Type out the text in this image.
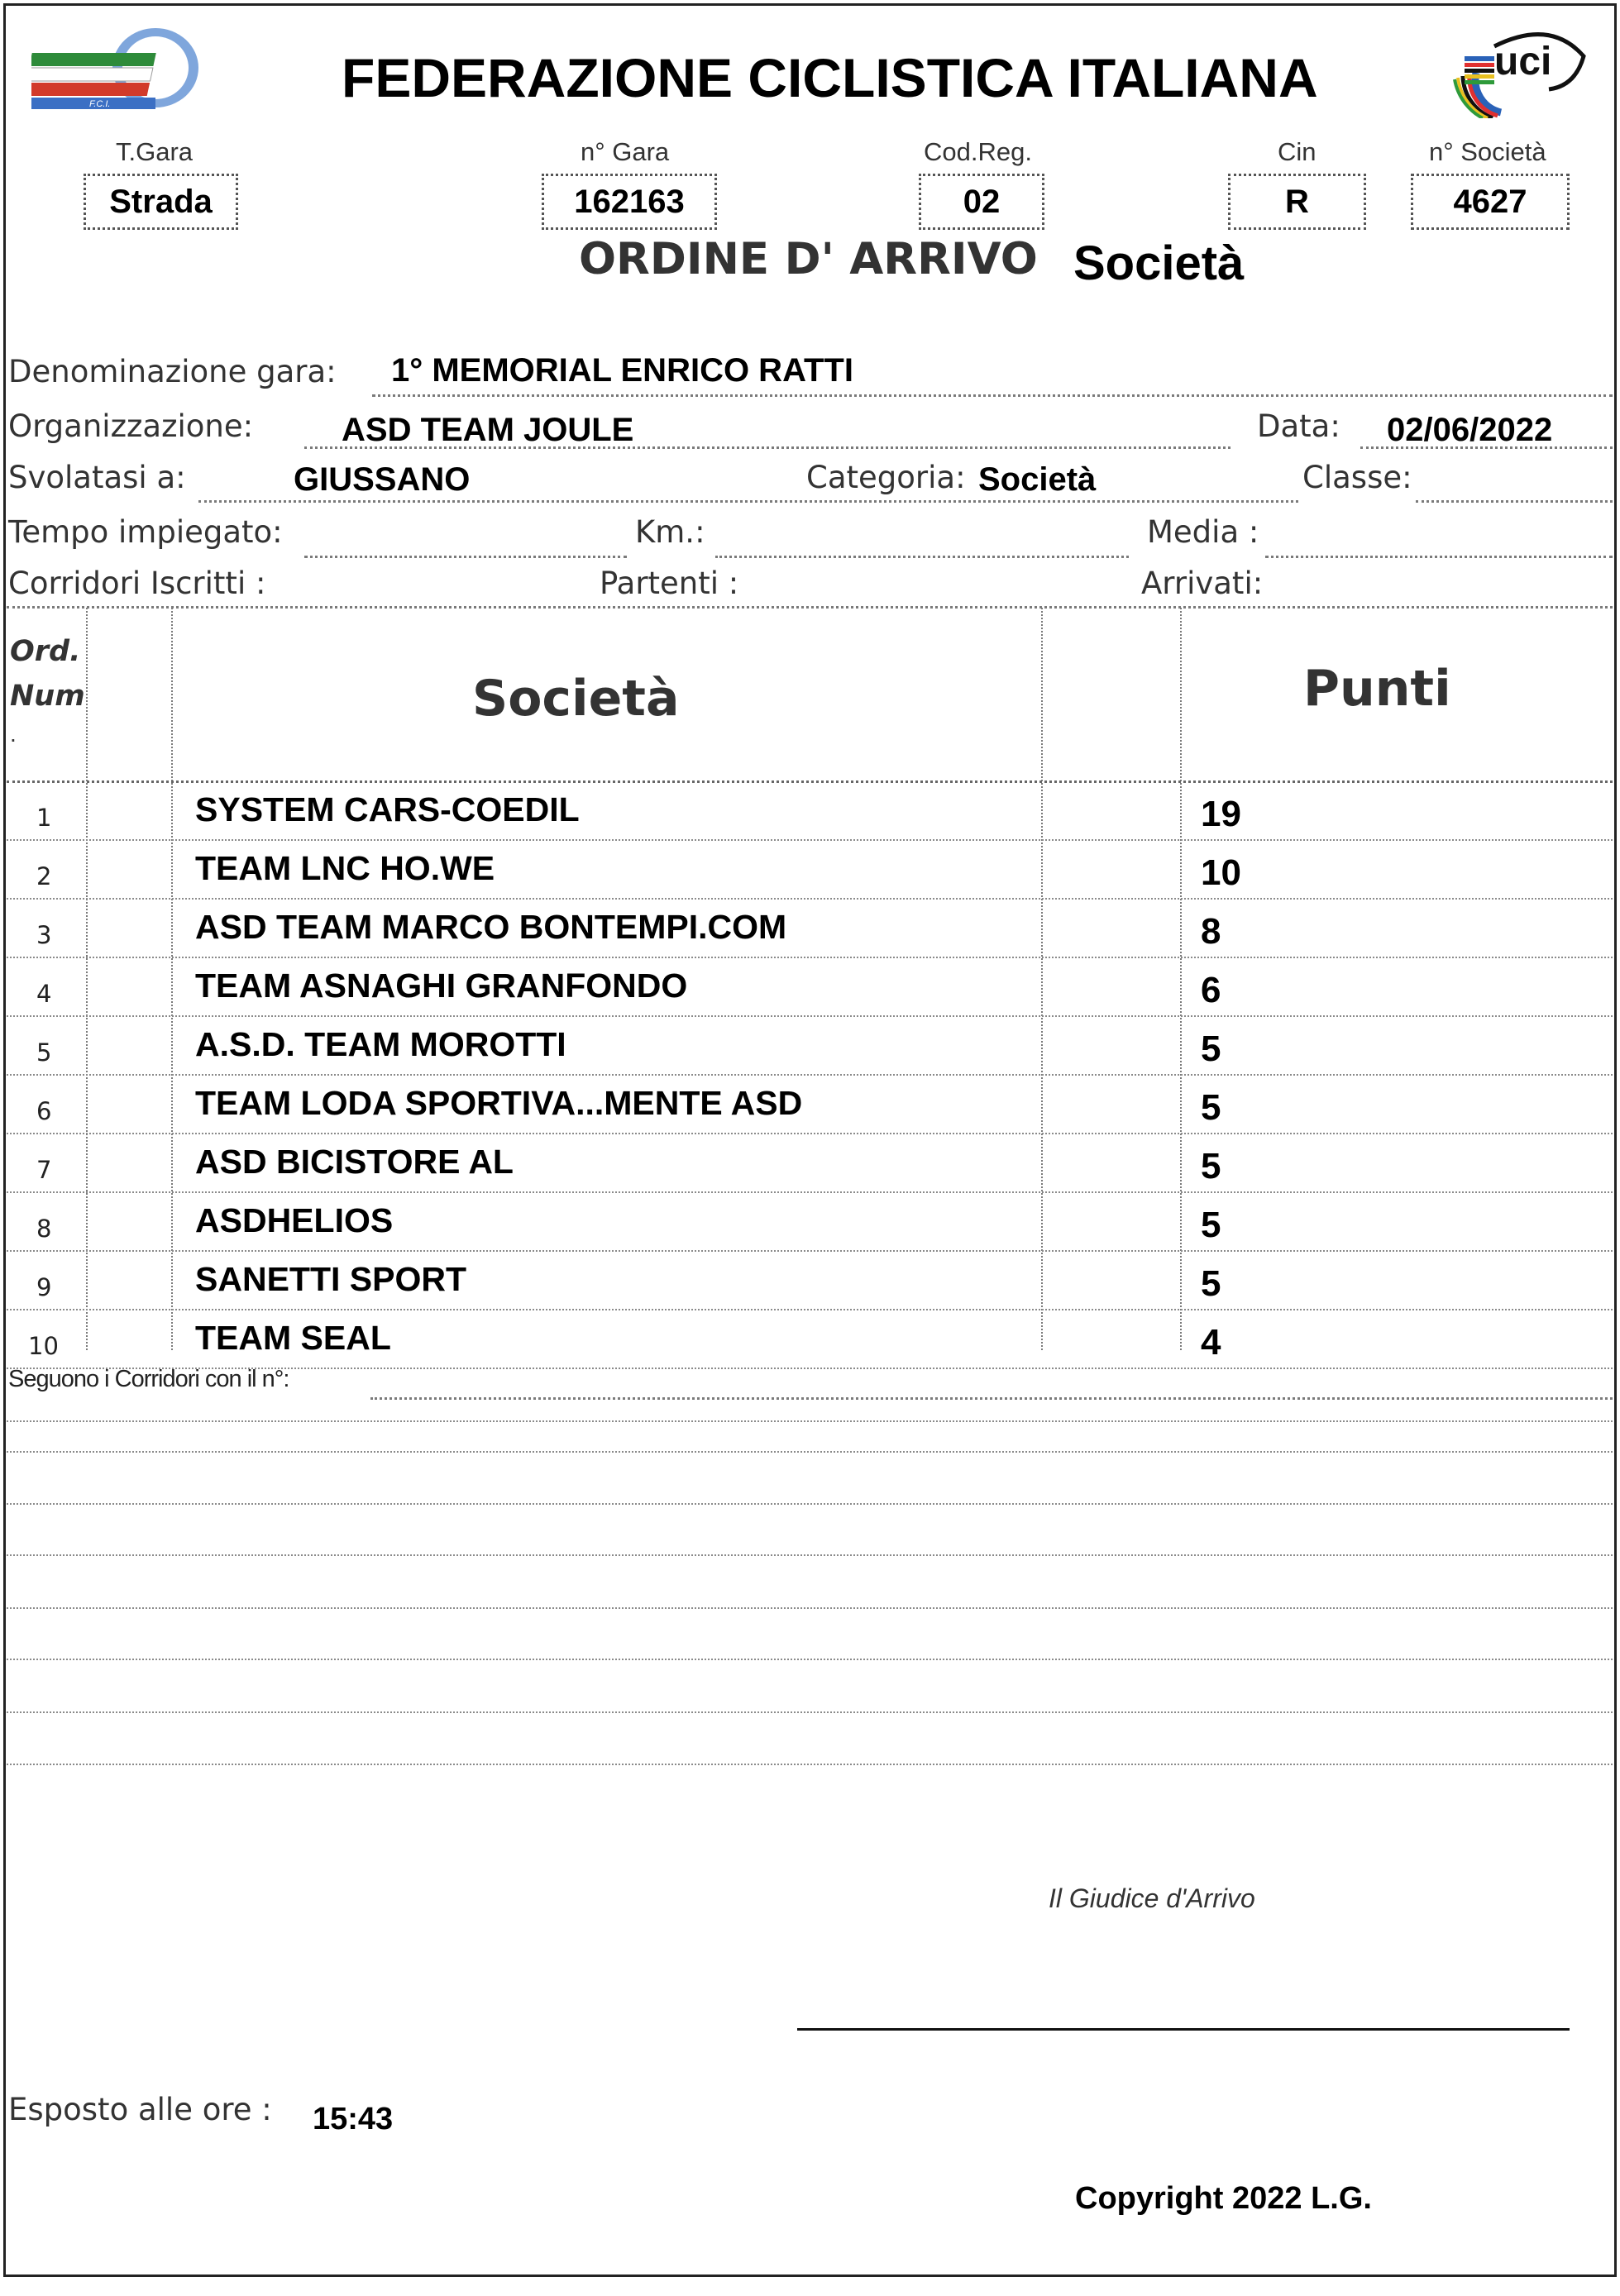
F.C.I.
uci
FEDERAZIONE CICLISTICA ITALIANA
T.Gara
Strada
n° Gara
162163
Cod.Reg.
02
Cin
R
n° Società
4627
ORDINE D' ARRIVO Società
Denominazione gara: 1° MEMORIAL ENRICO RATTI
Organizzazione:	ASD TEAM JOULE	Data: 02/06/2022
Svolatasi a:	GIUSSANO	Categoria: Società	Classe:
Tempo impiegato:	Km.:	Media :
Corridori Iscritti :	Partenti :	Arrivati:
Ord.
Num
.
Società	Punti
1	SYSTEM CARS-COEDIL	19
2	TEAM LNC HO.WE	10
3	ASD TEAM MARCO BONTEMPI.COM	8
4	TEAM ASNAGHI GRANFONDO	6
5	A.S.D. TEAM MOROTTI	5
6	TEAM LODA SPORTIVA...MENTE ASD	5
7	ASD BICISTORE AL	5
8	ASDHELIOS	5
9	SANETTI SPORT	5
10	TEAM SEAL	4
Seguono i Corridori con il n°:
Il Giudice d'Arrivo
Esposto alle ore : 15:43
Copyright 2022 L.G.
